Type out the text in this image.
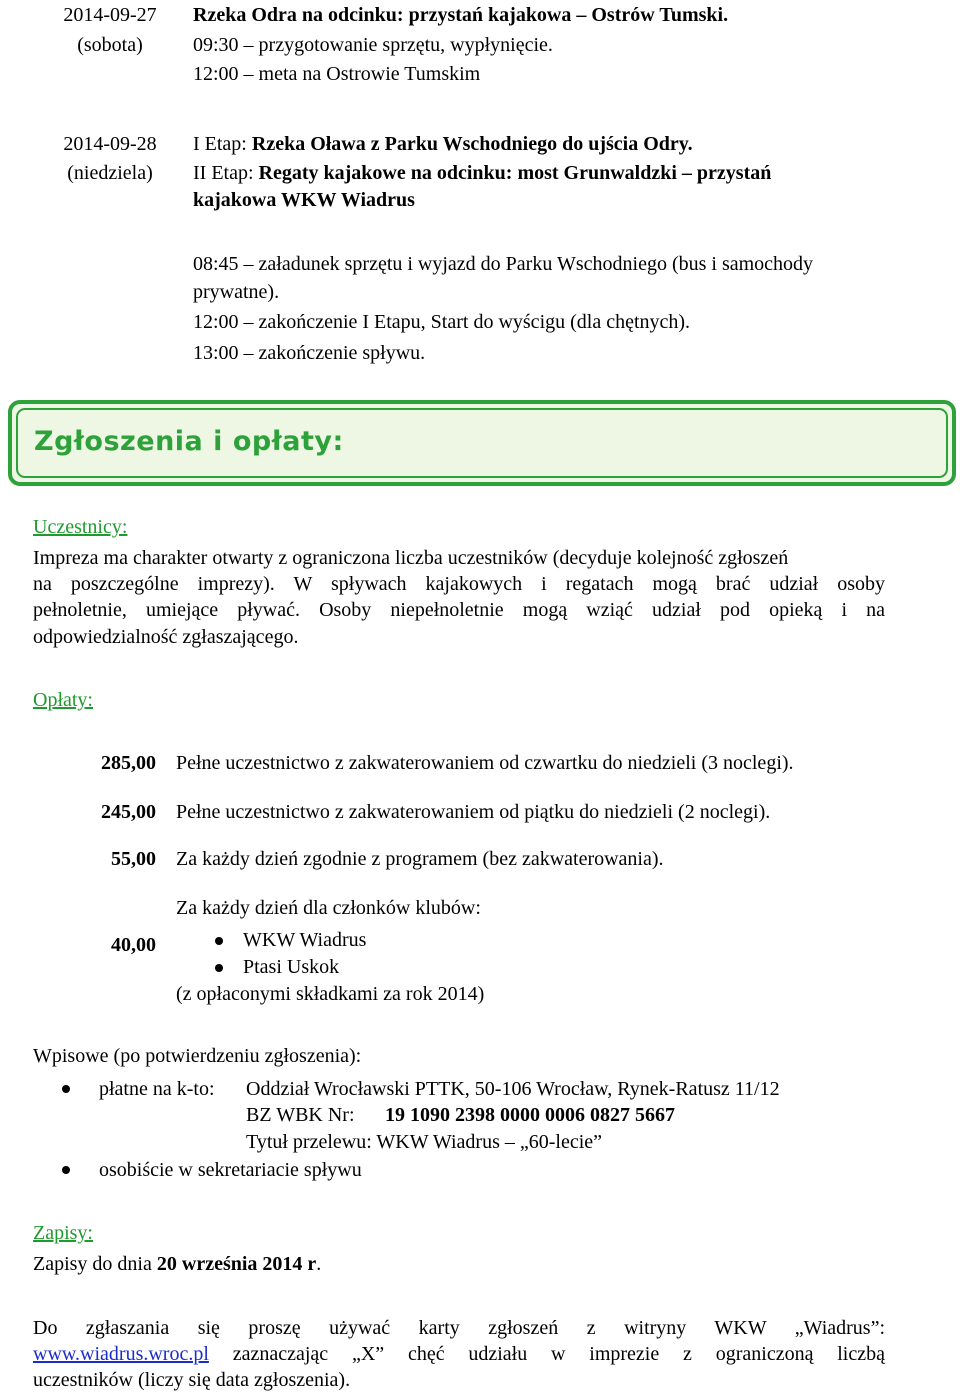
2014-09-27
(sobota)
Rzeka Odra na odcinku: przystań kajakowa – Ostrów Tumski.
09:30 – przygotowanie sprzętu, wypłynięcie.
12:00 – meta na Ostrowie Tumskim
2014-09-28
(niedziela)
I Etap: Rzeka Oława z Parku Wschodniego do ujścia Odry.
II Etap: Regaty kajakowe na odcinku: most Grunwaldzki – przystań
kajakowa WKW Wiadrus
08:45 – załadunek sprzętu i wyjazd do Parku Wschodniego (bus i samochody
prywatne).
12:00 – zakończenie I Etapu, Start do wyścigu (dla chętnych).
13:00 – zakończenie spływu.
Zgłoszenia i opłaty:
Uczestnicy:
Impreza ma charakter otwarty z ograniczona liczba uczestników (decyduje kolejność zgłoszeń
na poszczególne imprezy). W spływach kajakowych i regatach mogą brać udział osoby
pełnoletnie, umiejące pływać. Osoby niepełnoletnie mogą wziąć udział pod opieką i na
odpowiedzialność zgłaszającego.
Opłaty:
285,00 Pełne uczestnictwo z zakwaterowaniem od czwartku do niedzieli (3 noclegi).
245,00 Pełne uczestnictwo z zakwaterowaniem od piątku do niedzieli (2 noclegi).
55,00 Za każdy dzień zgodnie z programem (bez zakwaterowania).
Za każdy dzień dla członków klubów:
40,00	WKW Wiadrus
Ptasi Uskok
(z opłaconymi składkami za rok 2014)
Wpisowe (po potwierdzeniu zgłoszenia):
płatne na k-to: Oddział Wrocławski PTTK, 50-106 Wrocław, Rynek-Ratusz 11/12
BZ WBK Nr: 19 1090 2398 0000 0006 0827 5667
Tytuł przelewu: WKW Wiadrus – „60-lecie”
osobiście w sekretariacie spływu
Zapisy:
Zapisy do dnia 20 września 2014 r.
Do zgłaszania się proszę używać karty zgłoszeń z witryny WKW „Wiadrus”:
www.wiadrus.wroc.pl zaznaczając „X” chęć udziału w imprezie z ograniczoną liczbą
uczestników (liczy się data zgłoszenia).
